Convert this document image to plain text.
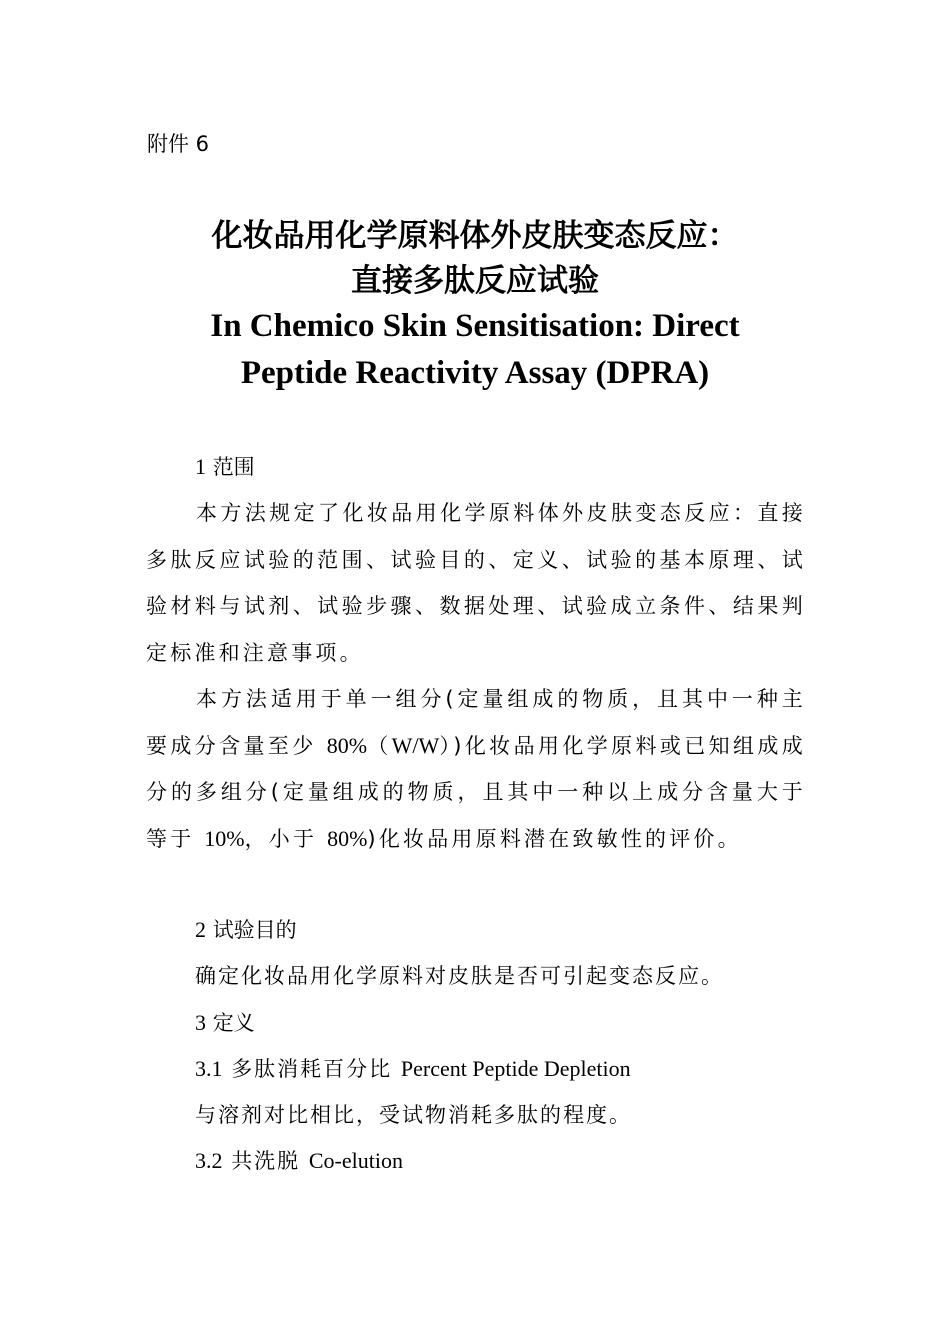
附件 6
化妆品用化学原料体外皮肤变态反应：
直接多肽反应试验
In Chemico Skin Sensitisation: Direct
Peptide Reactivity Assay (DPRA)
1 范围

本方法规定了化妆品用化学原料体外皮肤变态反应：直接多肽反应试验的范围、试验目的、定义、试验的基本原理、试验材料与试剂、试验步骤、数据处理、试验成立条件、结果判定标准和注意事项。

本方法适用于单一组分(定量组成的物质，且其中一种主要成分含量至少 80%（W/W）)化妆品用化学原料或已知组成成分的多组分(定量组成的物质，且其中一种以上成分含量大于等于 10%，小于 80%)化妆品用原料潜在致敏性的评价。

2 试验目的
确定化妆品用化学原料对皮肤是否可引起变态反应。
3 定义
3.1 多肽消耗百分比 Percent Peptide Depletion
与溶剂对比相比，受试物消耗多肽的程度。
3.2 共洗脱 Co-elution
